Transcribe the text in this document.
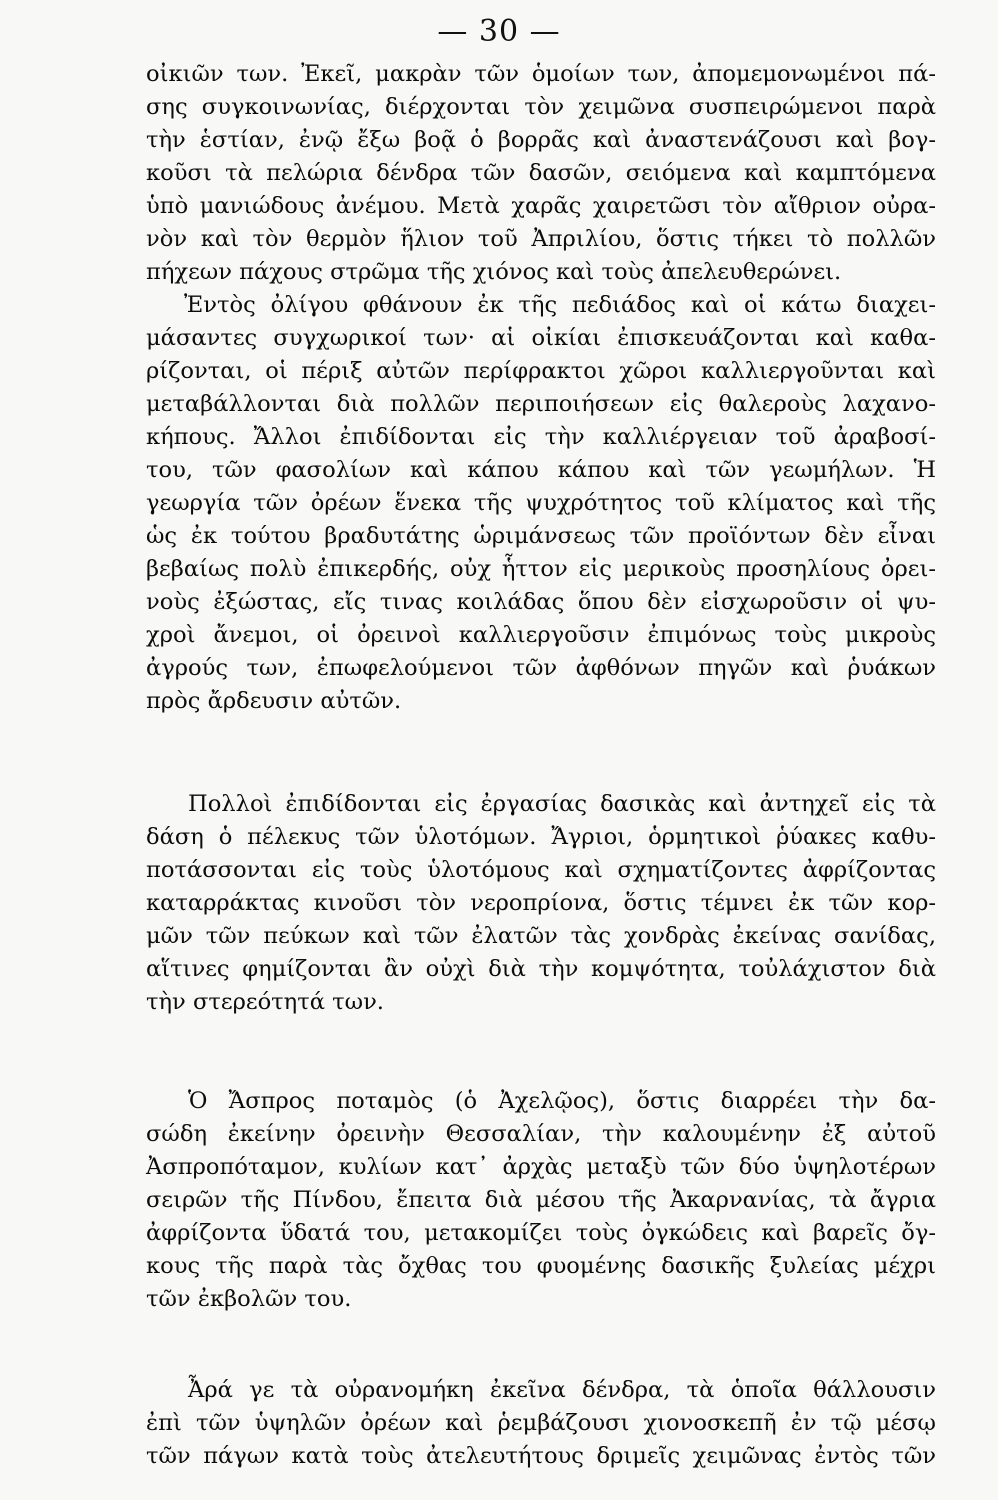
— 30 —
οἰκιῶν των. Ἐκεῖ, μακρὰν τῶν ὁμοίων των, ἀπομεμονωμένοι πά-
σης συγκοινωνίας, διέρχονται τὸν χειμῶνα συσπειρώμενοι παρὰ
τὴν ἑστίαν, ἐνῷ ἔξω βοᾷ ὁ βορρᾶς καὶ ἀναστενάζουσι καὶ βογ-
κοῦσι τὰ πελώρια δένδρα τῶν δασῶν, σειόμενα καὶ καμπτόμενα
ὑπὸ μανιώδους ἀνέμου. Μετὰ χαρᾶς χαιρετῶσι τὸν αἴθριον οὐρα-
νὸν καὶ τὸν θερμὸν ἥλιον τοῦ Ἀπριλίου, ὅστις τήκει τὸ πολλῶν
πήχεων πάχους στρῶμα τῆς χιόνος καὶ τοὺς ἀπελευθερώνει.
Ἐντὸς ὀλίγου φθάνουν ἐκ τῆς πεδιάδος καὶ οἱ κάτω διαχει-
μάσαντες συγχωρικοί των· αἱ οἰκίαι ἐπισκευάζονται καὶ καθα-
ρίζονται, οἱ πέριξ αὐτῶν περίφρακτοι χῶροι καλλιεργοῦνται καὶ
μεταβάλλονται διὰ πολλῶν περιποιήσεων εἰς θαλεροὺς λαχανο-
κήπους. Ἄλλοι ἐπιδίδονται εἰς τὴν καλλιέργειαν τοῦ ἀραβοσί-
του, τῶν φασολίων καὶ κάπου κάπου καὶ τῶν γεωμήλων. Ἡ
γεωργία τῶν ὀρέων ἕνεκα τῆς ψυχρότητος τοῦ κλίματος καὶ τῆς
ὡς ἐκ τούτου βραδυτάτης ὡριμάνσεως τῶν προϊόντων δὲν εἶναι
βεβαίως πολὺ ἐπικερδής, οὐχ ἧττον εἰς μερικοὺς προσηλίους ὀρει-
νοὺς ἐξώστας, εἴς τινας κοιλάδας ὅπου δὲν εἰσχωροῦσιν οἱ ψυ-
χροὶ ἄνεμοι, οἱ ὀρεινοὶ καλλιεργοῦσιν ἐπιμόνως τοὺς μικροὺς
ἀγρούς των, ἐπωφελούμενοι τῶν ἀφθόνων πηγῶν καὶ ῥυάκων
πρὸς ἄρδευσιν αὐτῶν.
Πολλοὶ ἐπιδίδονται εἰς ἐργασίας δασικὰς καὶ ἀντηχεῖ εἰς τὰ
δάση ὁ πέλεκυς τῶν ὑλοτόμων. Ἄγριοι, ὁρμητικοὶ ῥύακες καθυ-
ποτάσσονται εἰς τοὺς ὑλοτόμους καὶ σχηματίζοντες ἀφρίζοντας
καταρράκτας κινοῦσι τὸν νεροπρίονα, ὅστις τέμνει ἐκ τῶν κορ-
μῶν τῶν πεύκων καὶ τῶν ἐλατῶν τὰς χονδρὰς ἐκείνας σανίδας,
αἵτινες φημίζονται ἂν οὐχὶ διὰ τὴν κομψότητα, τοὐλάχιστον διὰ
τὴν στερεότητά των.
Ὁ Ἄσπρος ποταμὸς (ὁ Ἀχελῷος), ὅστις διαρρέει τὴν δα-
σώδη ἐκείνην ὀρεινὴν Θεσσαλίαν, τὴν καλουμένην ἐξ αὐτοῦ
Ἀσπροπόταμον, κυλίων κατ᾽ ἀρχὰς μεταξὺ τῶν δύο ὑψηλοτέρων
σειρῶν τῆς Πίνδου, ἔπειτα διὰ μέσου τῆς Ἀκαρνανίας, τὰ ἄγρια
ἀφρίζοντα ὕδατά του, μετακομίζει τοὺς ὀγκώδεις καὶ βαρεῖς ὄγ-
κους τῆς παρὰ τὰς ὄχθας του φυομένης δασικῆς ξυλείας μέχρι
τῶν ἐκβολῶν του.
Ἆρά γε τὰ οὐρανομήκη ἐκεῖνα δένδρα, τὰ ὁποῖα θάλλουσιν
ἐπὶ τῶν ὑψηλῶν ὀρέων καὶ ῥεμβάζουσι χιονοσκεπῆ ἐν τῷ μέσῳ
τῶν πάγων κατὰ τοὺς ἀτελευτήτους δριμεῖς χειμῶνας ἐντὸς τῶν
